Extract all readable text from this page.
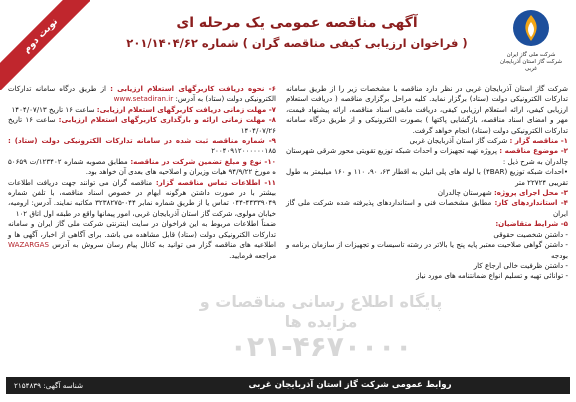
نوبت دوم	شرکت ملی گاز ایران
شرکت گاز استان آذربایجان غربی
آگهی مناقصه عمومی یک مرحله ای
( فراخوان ارزیابی کیفی مناقصه گران ) شماره ۲۰۱/۱۴۰۴/۶۲

شرکت گاز استان آذربایجان غربی در نظر دارد مناقصه با مشخصات زیر را از طریق سامانه تدارکات الکترونیکی دولت (ستاد) برگزار نماید. کلیه مراحل برگزاری مناقصه ( دریافت استعلام ارزیابی کیفی، ارائه استعلام ارزیابی کیفی، دریافت مابقی اسناد مناقصه، ارائه پیشنهاد قیمت، مهر و امضای اسناد مناقصه، بازگشایی پاکتها ) بصورت الکترونیکی و از طریق درگاه سامانه تدارکات الکترونیکی دولت (ستاد) انجام خواهد گرفت.

۱- مناقصه گزار : شرکت گاز استان آذربایجان غربی

۲- موضوع مناقصه : پروژه تهیه تجهیزات و احداث شبکه توزیع تقویتی محور شرقی شهرستان چالدران به شرح ذیل :

•احداث شبکه توزیع (۴BAR) با لوله های پلی اتیلن به اقطار ۶۳، ۹۰، ۱۱۰ و ۱۶۰ میلیمتر به طول تقریبی ۲۲۷۲۴ متر

۳- محل اجرای پروژه: شهرستان چالدران

۴- استانداردهای کار: مطابق مشخصات فنی و استانداردهای پذیرفته شده شرکت ملی گاز ایران

۵- شرایط متقاضیان:

- داشتن شخصیت حقوقی

- داشتن گواهی صلاحیت معتبر پایه پنج یا بالاتر در رشته تاسیسات و تجهیزات از سازمان برنامه و بودجه

- داشتن ظرفیت خالی ارجاع کار

- توانائی تهیه و تسلیم انواع ضمانتنامه های مورد نیاز

۶- نحوه دریافت کاربرگهای استعلام ارزیابی : از طریق درگاه سامانه تدارکات الکترونیکی دولت (ستاد) به آدرس: www.setadiran.ir

۷- مهلت زمانی دریافت کاربرگهای استعلام ارزیابی: ساعت ۱۶ تاریخ ۱۴۰۴/۰۷/۱۳

۸- مهلت زمانی ارائه و بارگذاری کاربرگهای استعلام ارزیابی: ساعت ۱۶ تاریخ ۱۴۰۴/۰۷/۲۶

۹- شماره مناقصه ثبت شده در سامانه تدارکات الکترونیکی دولت (ستاد) : ۲۰۰۴۰۹۱۲۰۰۰۰۰۰۱۸۵

۱۰- نوع و مبلغ تضمین شرکت در مناقصه: مطابق مصوبه شماره ۱۲۳۴۰۲/ت ۵۰۶۵۹ ه مورخ ۹۴/۹/۲۲ هیات وزیران و اصلاحیه های بعدی آن خواهد بود.

۱۱- اطلاعات تماس مناقصه گزار: مناقصه گران می توانند جهت دریافت اطلاعات بیشتر با در صورت داشتن هرگونه ابهام در خصوص اسناد مناقصه، با تلفن شماره ۴۴۳۳۹۰۴۹-۰۴۴ تماس یا از طریق شماره نمابر ۰۴۴-۳۲۳۸۲۷۵ مکاتبه نمایند. آدرس: ارومیه، خیابان مولوی، شرکت گاز استان آذربایجان غربی، امور پیمانها واقع در طبقه اول اتاق ۱۰۲

ضمناً اطلاعات مربوط به این فراخوان در سایت اینترنتی شرکت ملی گاز ایران و سامانه تدارکات الکترونیکی دولت (ستاد) قابل مشاهده می باشد. برای آگاهی از اخبار، آگهی ها و اطلاعیه های مناقصه گزار می توانید به کانال پیام رسان سروش به آدرس WAZARGAS مراجعه فرمایید.

پایگاه اطلاع رسانی مناقصات و مزایده ها
۰۲۱-۴۶۷۰۰۰۰
روابط عمومی شرکت گاز استان آذربایجان غربی
شناسه آگهی: ۲۱۵۴۸۳۹
